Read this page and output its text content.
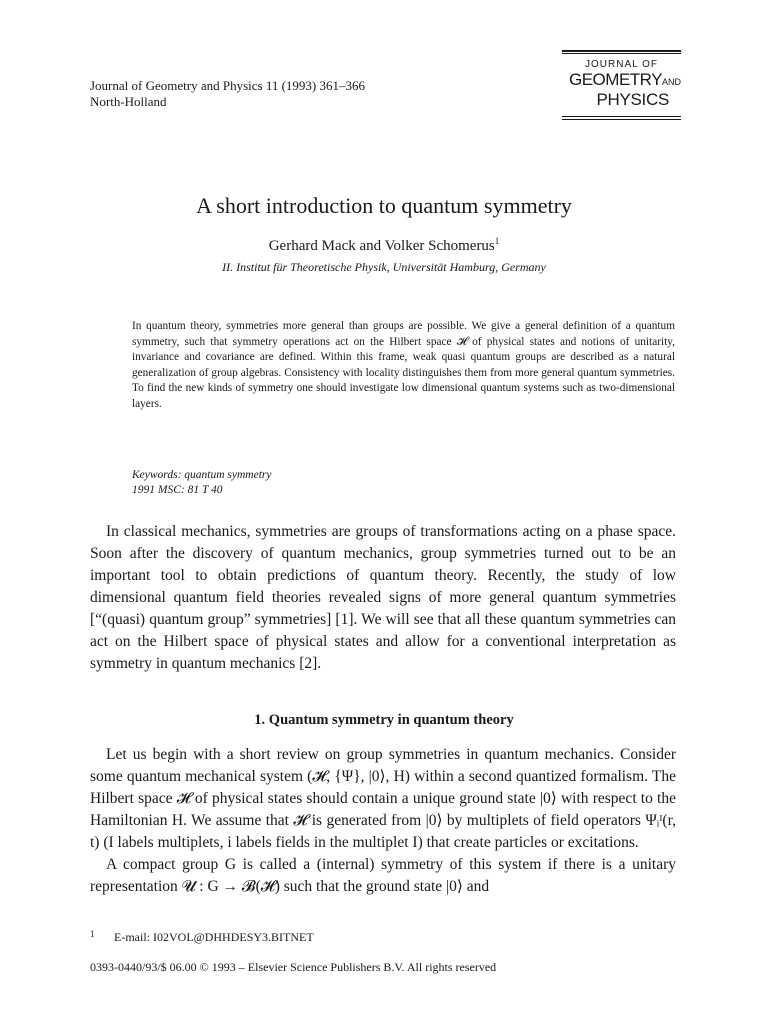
Journal of Geometry and Physics 11 (1993) 361–366
North-Holland
JOURNAL OF
GEOMETRYAND
PHYSICS
A short introduction to quantum symmetry
Gerhard Mack and Volker Schomerus$^1$
II. Institut für Theoretische Physik, Universität Hamburg, Germany
In quantum theory, symmetries more general than groups are possible. We give a general definition of a quantum symmetry, such that symmetry operations act on the Hilbert space 𝓗 of physical states and notions of unitarity, invariance and covariance are defined. Within this frame, weak quasi quantum groups are described as a natural generalization of group algebras. Consistency with locality distinguishes them from more general quantum symmetries. To find the new kinds of symmetry one should investigate low dimensional quantum systems such as two-dimensional layers.
Keywords: quantum symmetry
1991 MSC: 81 T 40

In classical mechanics, symmetries are groups of transformations acting on a phase space. Soon after the discovery of quantum mechanics, group symmetries turned out to be an important tool to obtain predictions of quantum theory. Recently, the study of low dimensional quantum field theories revealed signs of more general quantum symmetries [“(quasi) quantum group” symmetries] [1]. We will see that all these quantum symmetries can act on the Hilbert space of physical states and allow for a conventional interpretation as symmetry in quantum mechanics [2].

1. Quantum symmetry in quantum theory

Let us begin with a short review on group symmetries in quantum mechanics. Consider some quantum mechanical system (𝓗, {Ψ}, |0⟩, H) within a second quantized formalism. The Hilbert space 𝓗 of physical states should contain a unique ground state |0⟩ with respect to the Hamiltonian H. We assume that 𝓗 is generated from |0⟩ by multiplets of field operators Ψᵢᴵ(r, t) (I labels multiplets, i labels fields in the multiplet I) that create particles or excitations.

A compact group G is called a (internal) symmetry of this system if there is a unitary representation 𝓤 : G → 𝓑(𝓗) such that the ground state |0⟩ and

1 E-mail: I02VOL@DHHDESY3.BITNET
0393-0440/93/$ 06.00 © 1993 – Elsevier Science Publishers B.V. All rights reserved
